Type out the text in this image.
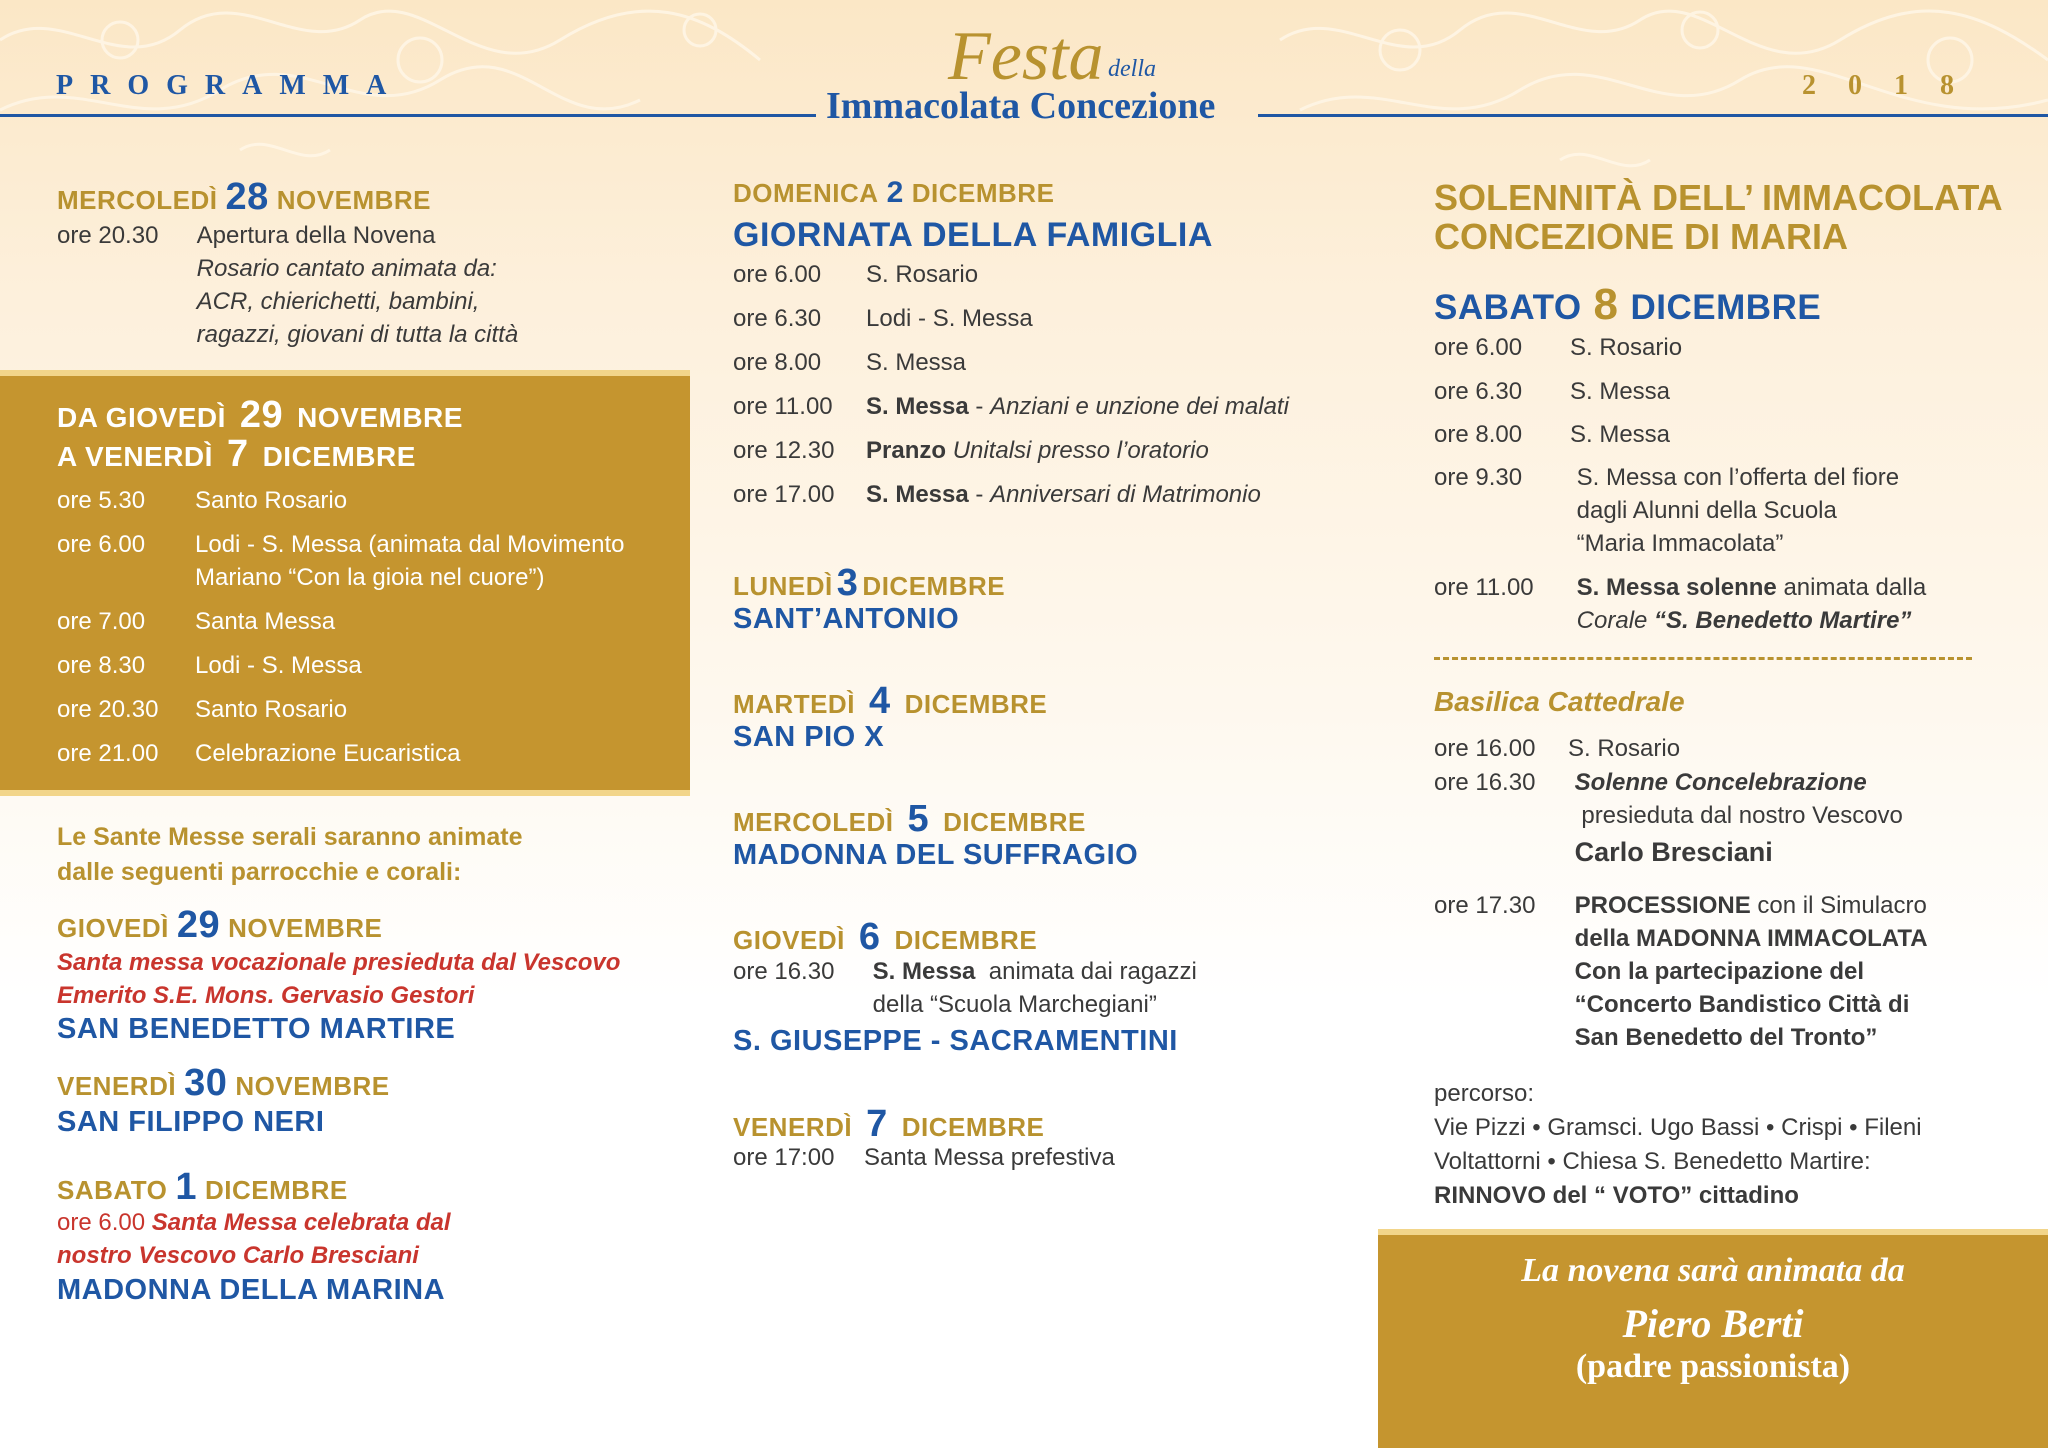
PROGRAMMA	2018
Festa della
Immacolata Concezione
MERCOLEDÌ 28 NOVEMBRE
ore 20.30 Apertura della Novena
Rosario cantato animata da:
ACR, chierichetti, bambini,
ragazzi, giovani di tutta la città
DA GIOVEDÌ 29 NOVEMBRE
A VENERDÌ 7 DICEMBRE
ore 5.30 Santo Rosario
ore 6.00 Lodi - S. Messa (animata dal Movimento
Mariano “Con la gioia nel cuore”)
ore 7.00 Santa Messa
ore 8.30 Lodi - S. Messa
ore 20.30 Santo Rosario
ore 21.00 Celebrazione Eucaristica
Le Sante Messe serali saranno animate
dalle seguenti parrocchie e corali:
GIOVEDÌ 29 NOVEMBRE
Santa messa vocazionale presieduta dal Vescovo
Emerito S.E. Mons. Gervasio Gestori
SAN BENEDETTO MARTIRE
VENERDÌ 30 NOVEMBRE
SAN FILIPPO NERI
SABATO 1 DICEMBRE
ore 6.00 Santa Messa celebrata dal
nostro Vescovo Carlo Bresciani
MADONNA DELLA MARINA
DOMENICA 2 DICEMBRE
GIORNATA DELLA FAMIGLIA
ore 6.00 S. Rosario
ore 6.30 Lodi - S. Messa
ore 8.00 S. Messa
ore 11.00 S. Messa - Anziani e unzione dei malati
ore 12.30 Pranzo Unitalsi presso l’oratorio
ore 17.00 S. Messa - Anniversari di Matrimonio
LUNEDÌ 3 DICEMBRE
SANT’ANTONIO
MARTEDÌ 4 DICEMBRE
SAN PIO X
MERCOLEDÌ 5 DICEMBRE
MADONNA DEL SUFFRAGIO
GIOVEDÌ 6 DICEMBRE
ore 16.30 S. Messa animata dai ragazzi
della “Scuola Marchegiani”
S. GIUSEPPE - SACRAMENTINI
VENERDÌ 7 DICEMBRE
ore 17:00 Santa Messa prefestiva
SOLENNITÀ DELL’ IMMACOLATA
CONCEZIONE DI MARIA
SABATO 8 DICEMBRE
ore 6.00 S. Rosario
ore 6.30 S. Messa
ore 8.00 S. Messa
ore 9.30 S. Messa con l’offerta del fiore
dagli Alunni della Scuola
“Maria Immacolata”
ore 11.00 S. Messa solenne animata dalla
Corale “S. Benedetto Martire”
Basilica Cattedrale
ore 16.00 S. Rosario
ore 16.30 Solenne Concelebrazione
presieduta dal nostro Vescovo
Carlo Bresciani
ore 17.30 PROCESSIONE con il Simulacro
della MADONNA IMMACOLATA
Con la partecipazione del
“Concerto Bandistico Città di
San Benedetto del Tronto”
percorso:
Vie Pizzi • Gramsci. Ugo Bassi • Crispi • Fileni
Voltattorni • Chiesa S. Benedetto Martire:
RINNOVO del “ VOTO” cittadino
La novena sarà animata da
Piero Berti
(padre passionista)
